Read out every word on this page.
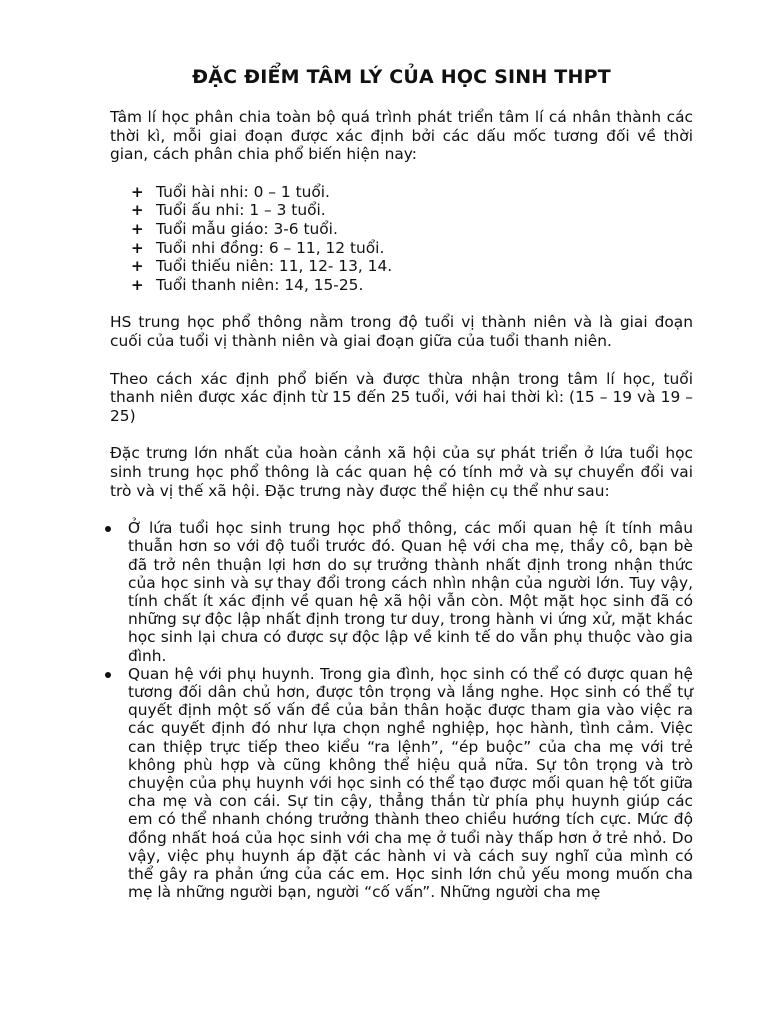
ĐẶC ĐIỂM TÂM LÝ CỦA HỌC SINH THPT

Tâm lí học phân chia toàn bộ quá trình phát triển tâm lí cá nhân thành các thời kì, mỗi giai đoạn được xác định bởi các dấu mốc tương đối về thời gian, cách phân chia phổ biến hiện nay:

+ Tuổi hài nhi: 0 – 1 tuổi.
+ Tuổi ấu nhi: 1 – 3 tuổi.
+ Tuổi mẫu giáo: 3-6 tuổi.
+ Tuổi nhi đồng: 6 – 11, 12 tuổi.
+ Tuổi thiếu niên: 11, 12- 13, 14.
+ Tuổi thanh niên: 14, 15-25.

HS trung học phổ thông nằm trong độ tuổi vị thành niên và là giai đoạn cuối của tuổi vị thành niên và giai đoạn giữa của tuổi thanh niên.

Theo cách xác định phổ biến và được thừa nhận trong tâm lí học, tuổi thanh niên được xác định từ 15 đến 25 tuổi, với hai thời kì: (15 – 19 và 19 – 25)

Đặc trưng lớn nhất của hoàn cảnh xã hội của sự phát triển ở lứa tuổi học sinh trung học phổ thông là các quan hệ có tính mở và sự chuyển đổi vai trò và vị thế xã hội. Đặc trưng này được thể hiện cụ thể như sau:

Ở lứa tuổi học sinh trung học phổ thông, các mối quan hệ ít tính mâu thuẫn hơn so với độ tuổi trước đó. Quan hệ với cha mẹ, thầy cô, bạn bè đã trở nên thuận lợi hơn do sự trưởng thành nhất định trong nhận thức của học sinh và sự thay đổi trong cách nhìn nhận của người lớn. Tuy vậy, tính chất ít xác định về quan hệ xã hội vẫn còn. Một mặt học sinh đã có những sự độc lập nhất định trong tư duy, trong hành vi ứng xử, mặt khác học sinh lại chưa có được sự độc lập về kinh tế do vẫn phụ thuộc vào gia đình.
Quan hệ với phụ huynh. Trong gia đình, học sinh có thể có được quan hệ tương đối dân chủ hơn, được tôn trọng và lắng nghe. Học sinh có thể tự quyết định một số vấn đề của bản thân hoặc được tham gia vào việc ra các quyết định đó như lựa chọn nghề nghiệp, học hành, tình cảm. Việc can thiệp trực tiếp theo kiểu “ra lệnh”, “ép buộc” của cha mẹ với trẻ không phù hợp và cũng không thể hiệu quả nữa. Sự tôn trọng và trò chuyện của phụ huynh với học sinh có thể tạo được mối quan hệ tốt giữa cha mẹ và con cái. Sự tin cậy, thẳng thắn từ phía phụ huynh giúp các em có thể nhanh chóng trưởng thành theo chiều hướng tích cực. Mức độ đồng nhất hoá của học sinh với cha mẹ ở tuổi này thấp hơn ở trẻ nhỏ. Do vậy, việc phụ huynh áp đặt các hành vi và cách suy nghĩ của mình có thể gây ra phản ứng của các em. Học sinh lớn chủ yếu mong muốn cha mẹ là những người bạn, người “cố vấn”. Những người cha mẹ
